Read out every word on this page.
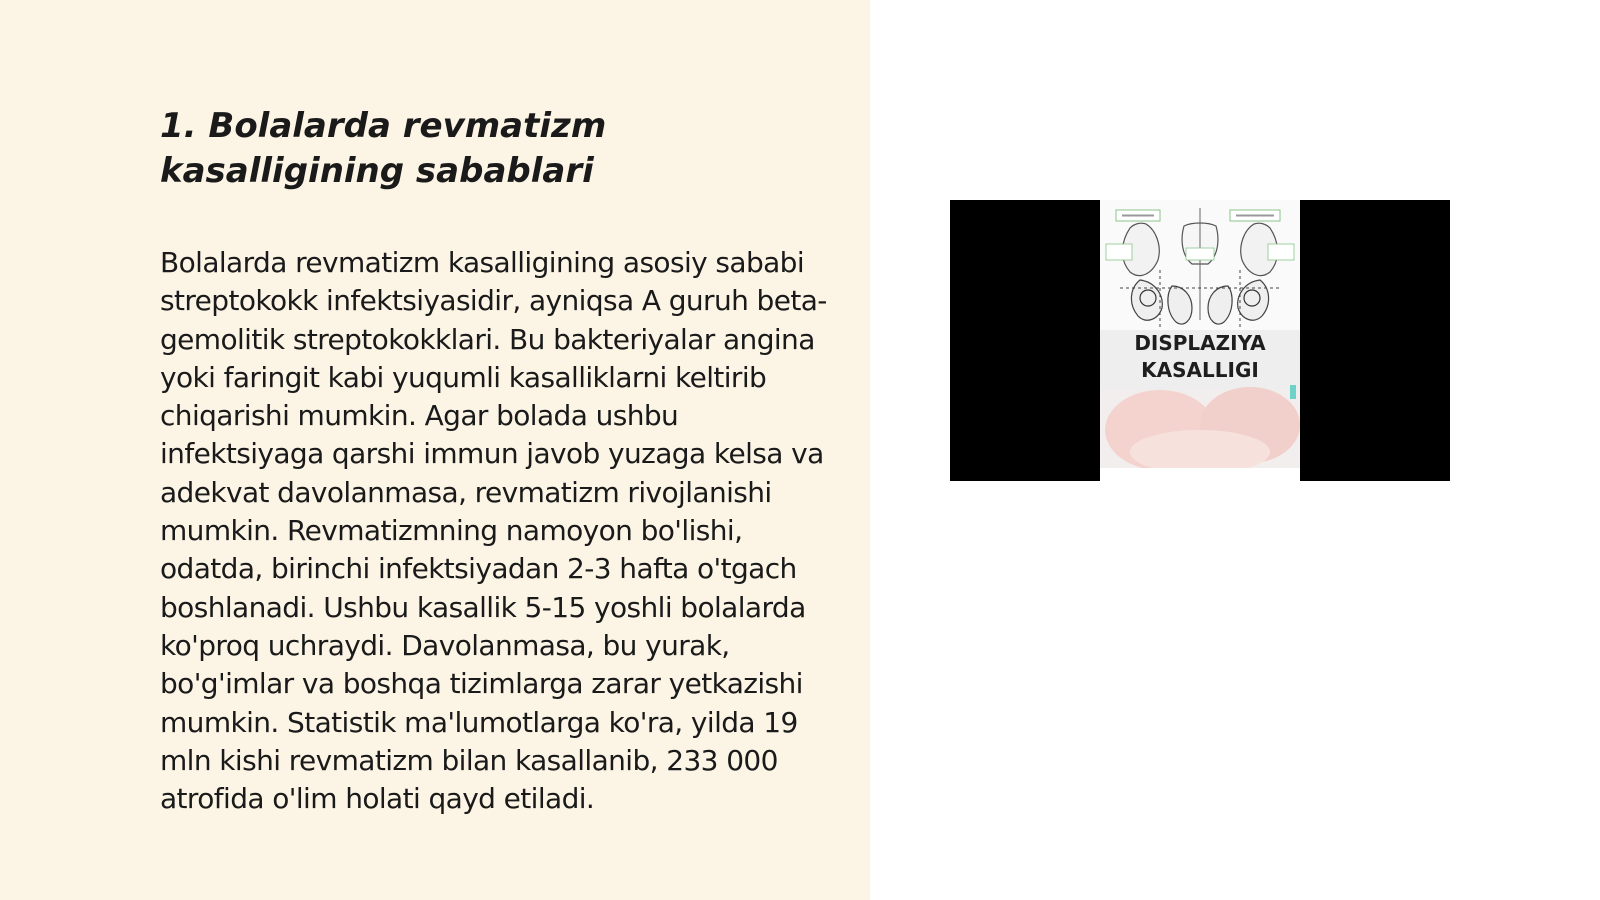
1. Bolalarda revmatizm kasalligining sabablari

Bolalarda revmatizm kasalligining asosiy sababi streptokokk infektsiyasidir, ayniqsa A guruh beta-gemolitik streptokokklari. Bu bakteriyalar angina yoki faringit kabi yuqumli kasalliklarni keltirib chiqarishi mumkin. Agar bolada ushbu infektsiyaga qarshi immun javob yuzaga kelsa va adekvat davolanmasa, revmatizm rivojlanishi mumkin. Revmatizmning namoyon bo'lishi, odatda, birinchi infektsiyadan 2-3 hafta o'tgach boshlanadi. Ushbu kasallik 5-15 yoshli bolalarda ko'proq uchraydi. Davolanmasa, bu yurak, bo'g'imlar va boshqa tizimlarga zarar yetkazishi mumkin. Statistik ma'lumotlarga ko'ra, yilda 19 mln kishi revmatizm bilan kasallanib, 233 000 atrofida o'lim holati qayd etiladi.

DISPLAZIYA
KASALLIGI
